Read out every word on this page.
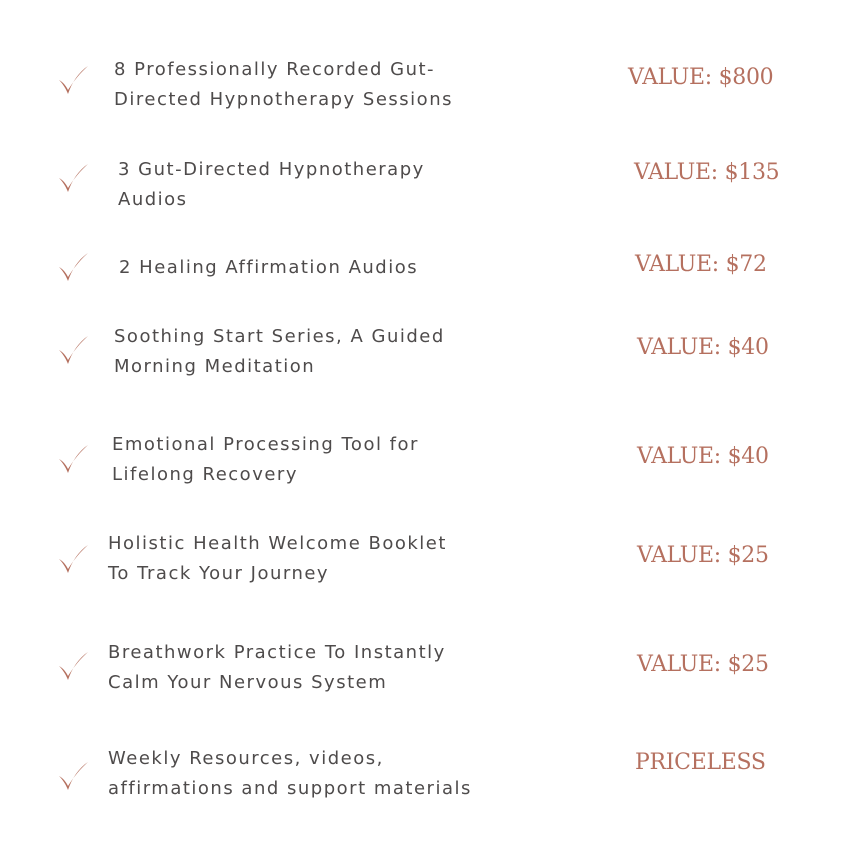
8 Professionally Recorded Gut-
Directed Hypnotherapy Sessions
VALUE: $800
3 Gut-Directed Hypnotherapy
Audios
VALUE: $135
2 Healing Affirmation Audios	VALUE: $72
Soothing Start Series, A Guided
Morning Meditation
VALUE: $40
Emotional Processing Tool for
Lifelong Recovery
VALUE: $40
Holistic Health Welcome Booklet
To Track Your Journey
VALUE: $25
Breathwork Practice To Instantly
Calm Your Nervous System
VALUE: $25
Weekly Resources, videos,
affirmations and support materials
PRICELESS
